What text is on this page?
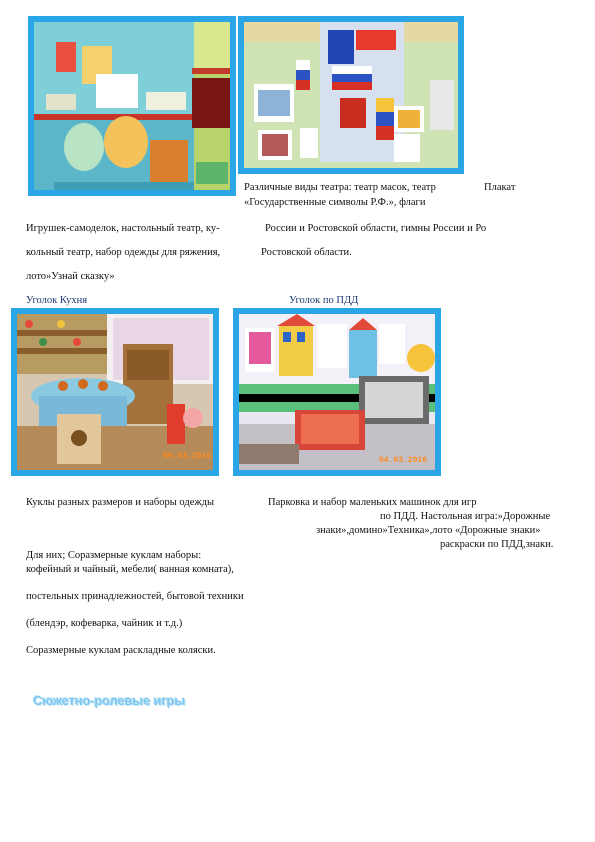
Различные виды театра: театр масок, театр	Плакат
«Государственные символы Р.Ф.», флаги
Игрушек-самоделок, настольный театр, ку-	России и Ростовской области, гимны России и Ро
кольный театр, набор одежды для ряжения,	Ростовской области.
лото»Узнай сказку»
Уголок Кухня	Уголок по ПДД
09.03.2016	04.03.2016
Куклы разных размеров и наборы одежды	Парковка и набор маленьких машинок для игр
по ПДД. Настольная игра:»Дорожные
знаки»,домино»Техника»,лото «Дорожные знаки»
раскраски по ПДД,знаки.
Для них; Соразмерные куклам наборы:
кофейный и чайный, мебели( ванная комната),
постельных принадлежностей, бытовой техники
(блендэр, кофеварка, чайник и т.д.)
Соразмерные куклам раскладные коляски.
Сюжетно-ролевые игры
